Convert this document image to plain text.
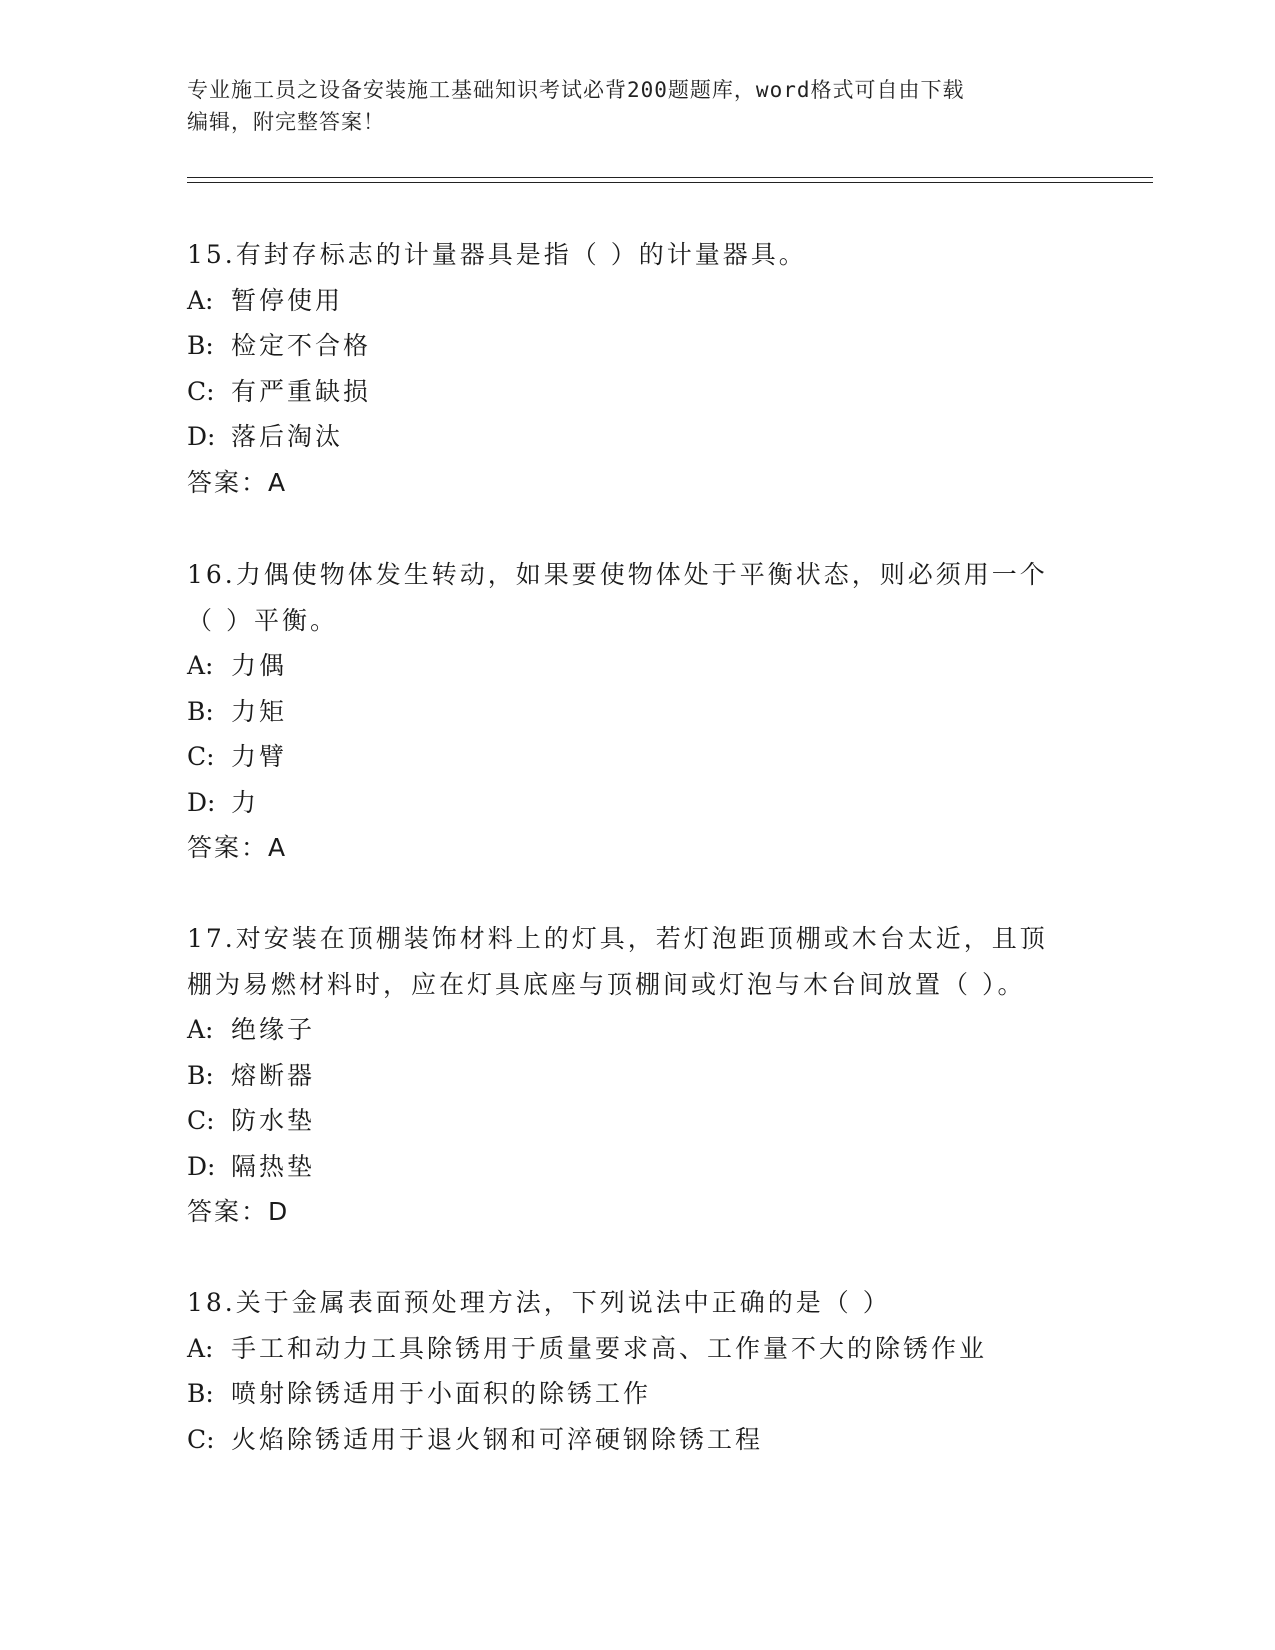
专业施工员之设备安装施工基础知识考试必背200题题库，word格式可自由下载
编辑，附完整答案！

15.有封存标志的计量器具是指（ ）的计量器具。

A: 暂停使用

B: 检定不合格

C: 有严重缺损

D: 落后淘汰

答案：A

16.力偶使物体发生转动，如果要使物体处于平衡状态，则必须用一个

（ ）平衡。

A: 力偶

B: 力矩

C: 力臂

D: 力

答案：A

17.对安装在顶棚装饰材料上的灯具，若灯泡距顶棚或木台太近，且顶

棚为易燃材料时，应在灯具底座与顶棚间或灯泡与木台间放置（ ）。

A: 绝缘子

B: 熔断器

C: 防水垫

D: 隔热垫

答案：D

18.关于金属表面预处理方法，下列说法中正确的是（ ）

A: 手工和动力工具除锈用于质量要求高、工作量不大的除锈作业

B: 喷射除锈适用于小面积的除锈工作

C: 火焰除锈适用于退火钢和可淬硬钢除锈工程
